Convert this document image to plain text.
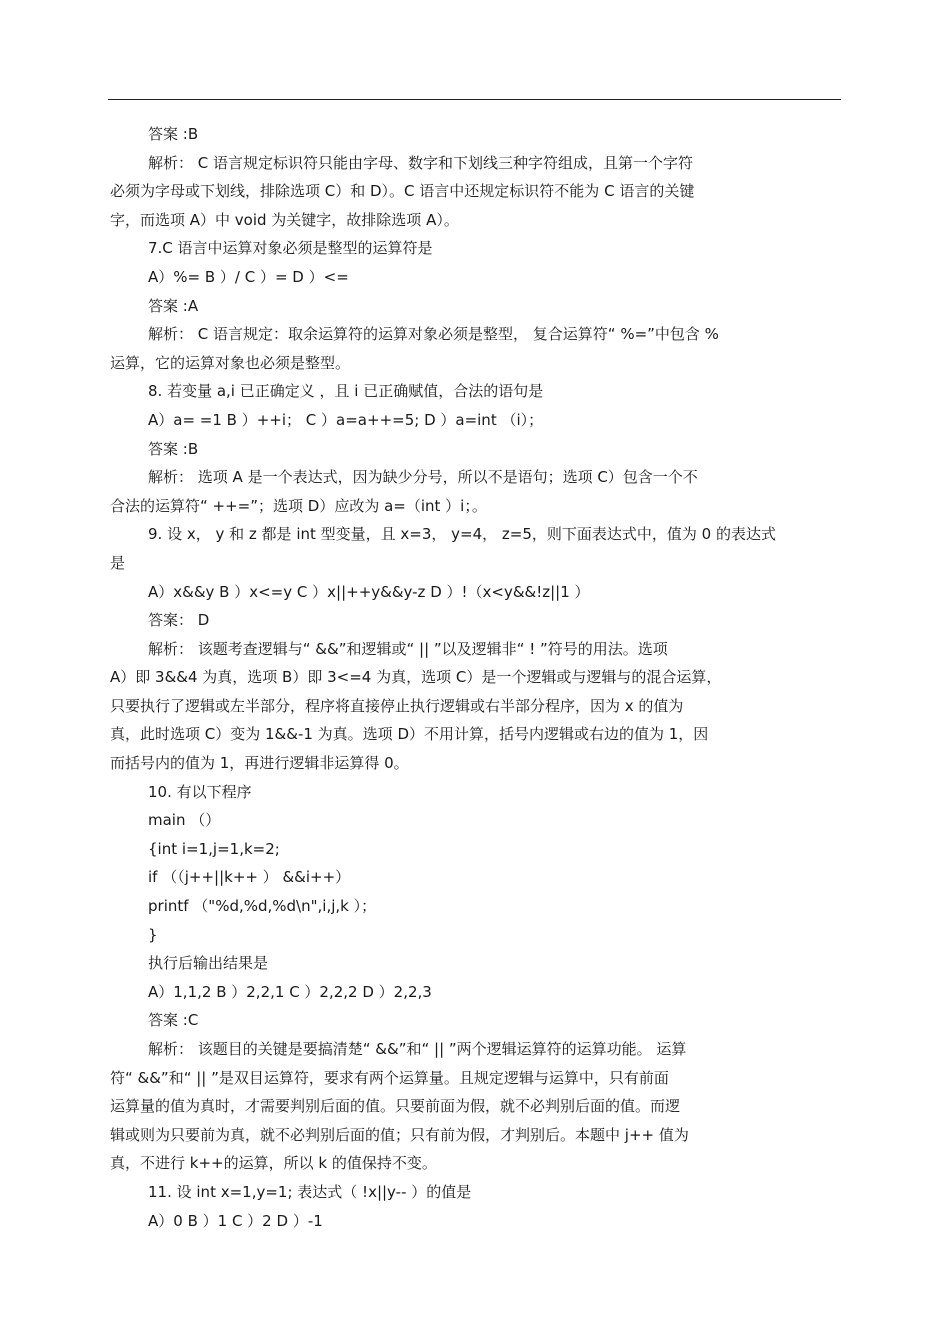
答案 :B
解析： C 语言规定标识符只能由字母、数字和下划线三种字符组成，且第一个字符
必须为字母或下划线，排除选项 C）和 D）。C 语言中还规定标识符不能为 C 语言的关键
字，而选项 A）中 void 为关键字，故排除选项 A）。
7.C 语言中运算对象必须是整型的运算符是
A）%= B ）/ C ）= D ）<=
答案 :A
解析： C 语言规定：取余运算符的运算对象必须是整型， 复合运算符“ %=”中包含 %
运算，它的运算对象也必须是整型。
8. 若变量 a,i 已正确定义 ，且 i 已正确赋值，合法的语句是
A）a= =1 B ）++i； C ）a=a++=5; D ）a=int （i）；
答案 :B
解析： 选项 A 是一个表达式，因为缺少分号，所以不是语句；选项 C）包含一个不
合法的运算符“ ++=”；选项 D）应改为 a=（int ）i；。
9. 设 x， y 和 z 都是 int 型变量，且 x=3， y=4， z=5，则下面表达式中，值为 0 的表达式
是
A）x&&y B ）x<=y C ）x||++y&&y-z D ）!（x<y&&!z||1 ）
答案： D
解析： 该题考查逻辑与“ &&”和逻辑或“ || ”以及逻辑非“ ! ”符号的用法。选项
A）即 3&&4 为真，选项 B）即 3<=4 为真，选项 C）是一个逻辑或与逻辑与的混合运算，
只要执行了逻辑或左半部分，程序将直接停止执行逻辑或右半部分程序，因为 x 的值为
真，此时选项 C）变为 1&&-1 为真。选项 D）不用计算，括号内逻辑或右边的值为 1，因
而括号内的值为 1，再进行逻辑非运算得 0。
10. 有以下程序
main （）
{int i=1,j=1,k=2;
if （（j++||k++ ） &&i++）
printf （"%d,%d,%d\n",i,j,k ）；
}
执行后输出结果是
A）1,1,2 B ）2,2,1 C ）2,2,2 D ）2,2,3
答案 :C
解析： 该题目的关键是要搞清楚“ &&”和“ || ”两个逻辑运算符的运算功能。 运算
符“ &&”和“ || ”是双目运算符，要求有两个运算量。且规定逻辑与运算中，只有前面
运算量的值为真时，才需要判别后面的值。只要前面为假，就不必判别后面的值。而逻
辑或则为只要前为真，就不必判别后面的值；只有前为假，才判别后。本题中 j++ 值为
真，不进行 k++的运算，所以 k 的值保持不变。
11. 设 int x=1,y=1; 表达式（ !x||y-- ）的值是
A）0 B ）1 C ）2 D ）-1
